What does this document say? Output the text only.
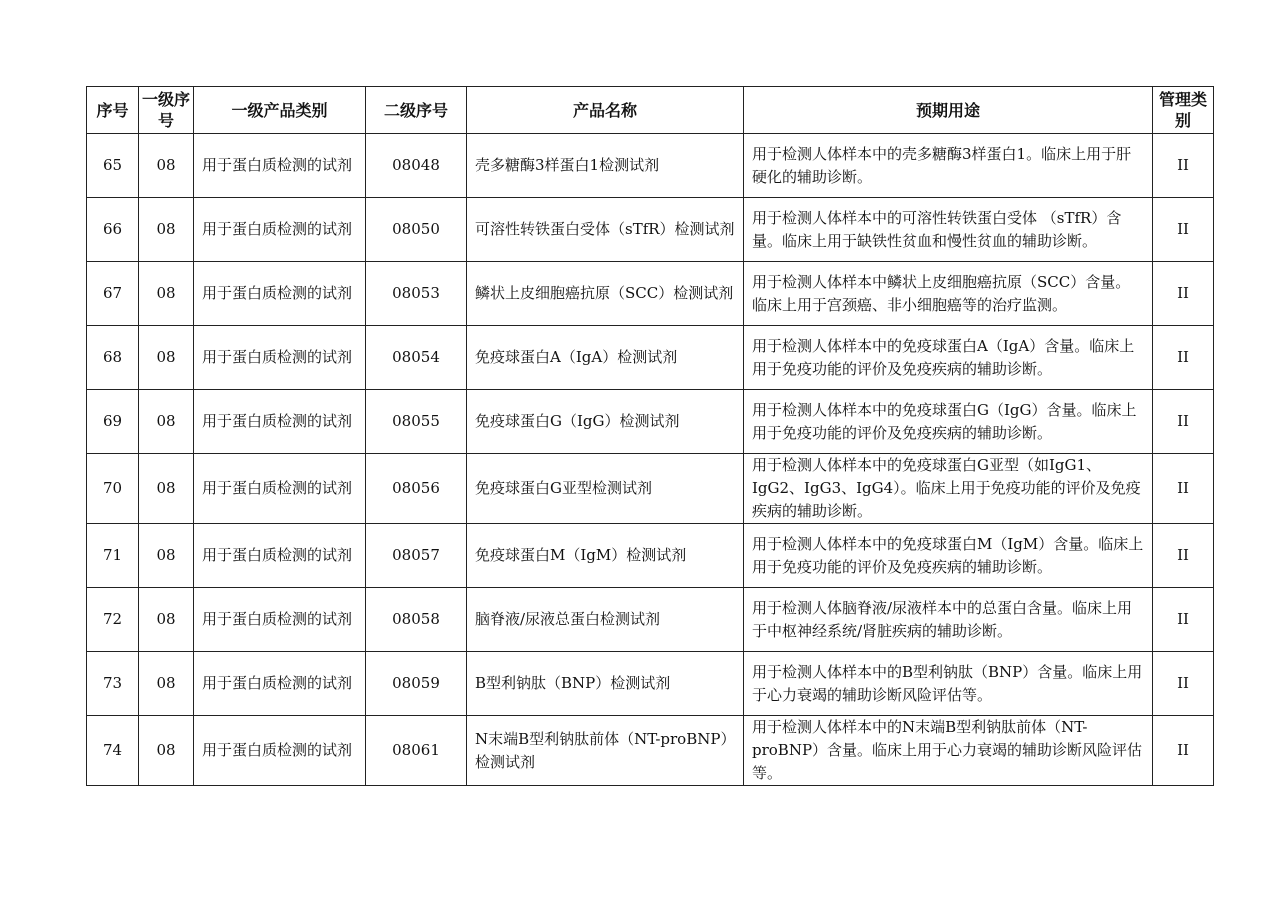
序号	一级序号	一级产品类别	二级序号	产品名称	预期用途	管理类别
65	08	用于蛋白质检测的试剂	08048	壳多糖酶3样蛋白1检测试剂	用于检测人体样本中的壳多糖酶3样蛋白1。临床上用于肝硬化的辅助诊断。	II
66	08	用于蛋白质检测的试剂	08050	可溶性转铁蛋白受体（sTfR）检测试剂	用于检测人体样本中的可溶性转铁蛋白受体 （sTfR）含量。临床上用于缺铁性贫血和慢性贫血的辅助诊断。	II
67	08	用于蛋白质检测的试剂	08053	鳞状上皮细胞癌抗原（SCC）检测试剂	用于检测人体样本中鳞状上皮细胞癌抗原（SCC）含量。临床上用于宫颈癌、非小细胞癌等的治疗监测。	II
68	08	用于蛋白质检测的试剂	08054	免疫球蛋白A（IgA）检测试剂	用于检测人体样本中的免疫球蛋白A（IgA）含量。临床上用于免疫功能的评价及免疫疾病的辅助诊断。	II
69	08	用于蛋白质检测的试剂	08055	免疫球蛋白G（IgG）检测试剂	用于检测人体样本中的免疫球蛋白G（IgG）含量。临床上用于免疫功能的评价及免疫疾病的辅助诊断。	II
70	08	用于蛋白质检测的试剂	08056	免疫球蛋白G亚型检测试剂	用于检测人体样本中的免疫球蛋白G亚型（如IgG1、IgG2、IgG3、IgG4）。临床上用于免疫功能的评价及免疫疾病的辅助诊断。	II
71	08	用于蛋白质检测的试剂	08057	免疫球蛋白M（IgM）检测试剂	用于检测人体样本中的免疫球蛋白M（IgM）含量。临床上用于免疫功能的评价及免疫疾病的辅助诊断。	II
72	08	用于蛋白质检测的试剂	08058	脑脊液/尿液总蛋白检测试剂	用于检测人体脑脊液/尿液样本中的总蛋白含量。临床上用于中枢神经系统/肾脏疾病的辅助诊断。	II
73	08	用于蛋白质检测的试剂	08059	B型利钠肽（BNP）检测试剂	用于检测人体样本中的B型利钠肽（BNP）含量。临床上用于心力衰竭的辅助诊断风险评估等。	II
74	08	用于蛋白质检测的试剂	08061	N末端B型利钠肽前体（NT-proBNP）检测试剂	用于检测人体样本中的N末端B型利钠肽前体（NT-proBNP）含量。临床上用于心力衰竭的辅助诊断风险评估等。	II
